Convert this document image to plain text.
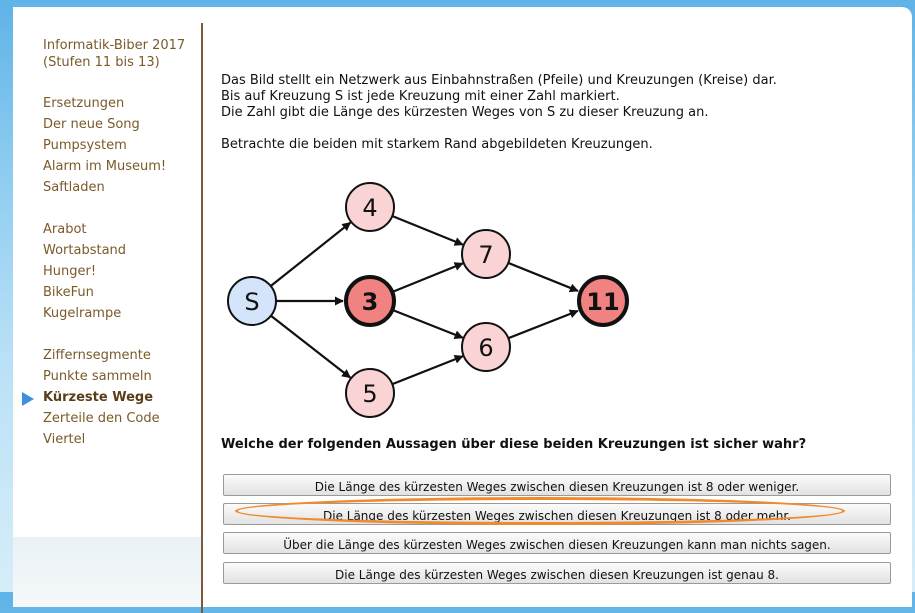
Informatik-Biber 2017
(Stufen 11 bis 13)
Ersetzungen
Der neue Song
Pumpsystem
Alarm im Museum!
Saftladen
Arabot
Wortabstand
Hunger!
BikeFun
Kugelrampe
Ziffernsegmente
Punkte sammeln
Kürzeste Wege
Zerteile den Code
Viertel

Das Bild stellt ein Netzwerk aus Einbahnstraßen (Pfeile) und Kreuzungen (Kreise) dar.

Bis auf Kreuzung S ist jede Kreuzung mit einer Zahl markiert.

Die Zahl gibt die Länge des kürzesten Weges von S zu dieser Kreuzung an.

Betrachte die beiden mit starkem Rand abgebildeten Kreuzungen.

S
4
3
5
7
6
11
Welche der folgenden Aussagen über diese beiden Kreuzungen ist sicher wahr?
Die Länge des kürzesten Weges zwischen diesen Kreuzungen ist 8 oder weniger.
Die Länge des kürzesten Weges zwischen diesen Kreuzungen ist 8 oder mehr.
Über die Länge des kürzesten Weges zwischen diesen Kreuzungen kann man nichts sagen.
Die Länge des kürzesten Weges zwischen diesen Kreuzungen ist genau 8.
